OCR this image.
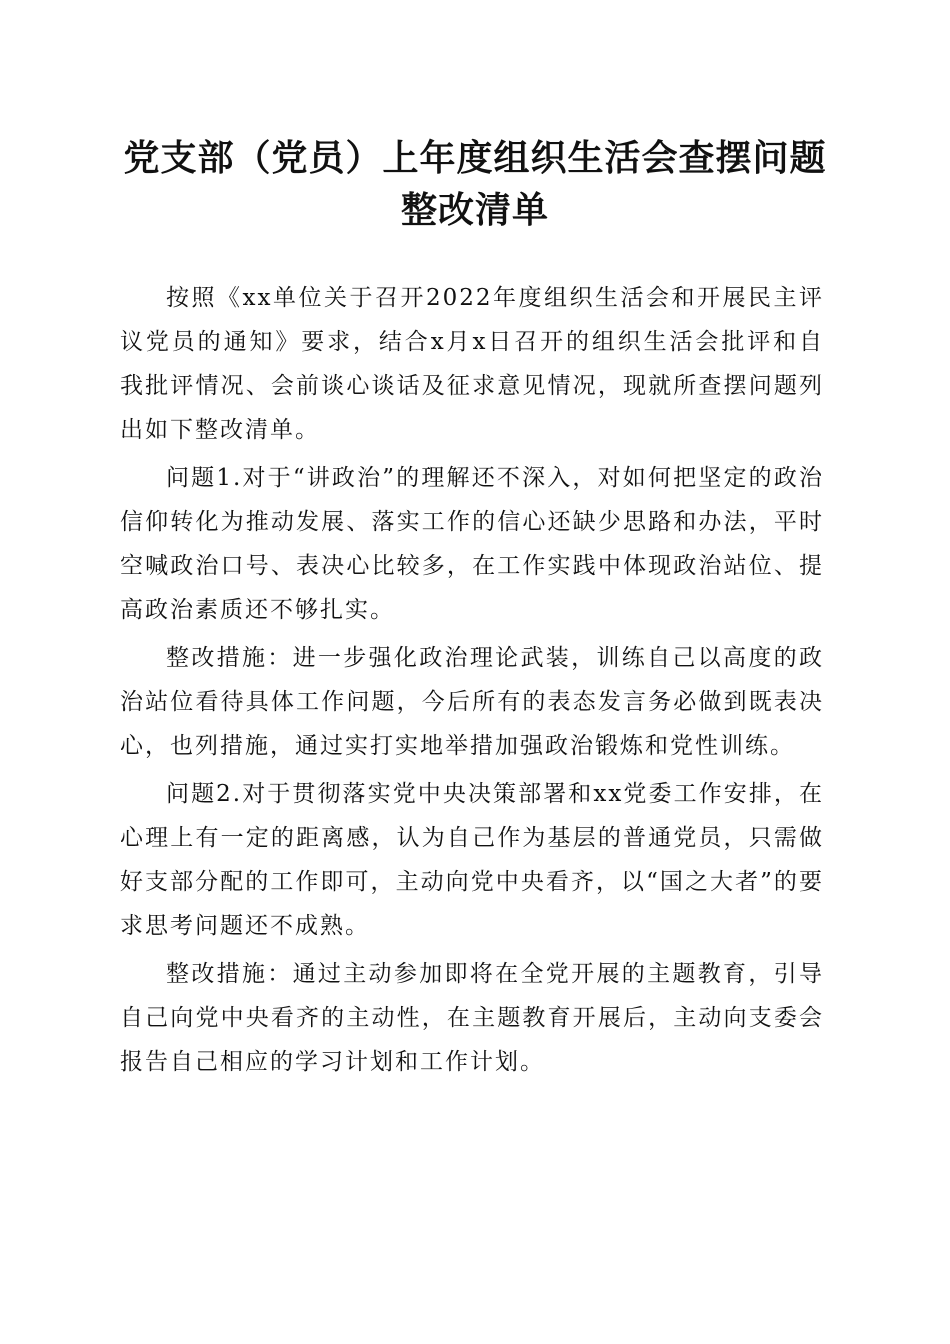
党支部（党员）上年度组织生活会查摆问题整改清单

按照《xx单位关于召开2022年度组织生活会和开展民主评议党员的通知》要求，结合x月x日召开的组织生活会批评和自我批评情况、会前谈心谈话及征求意见情况，现就所查摆问题列出如下整改清单。

问题1.对于“讲政治”的理解还不深入，对如何把坚定的政治信仰转化为推动发展、落实工作的信心还缺少思路和办法，平时空喊政治口号、表决心比较多，在工作实践中体现政治站位、提高政治素质还不够扎实。

整改措施：进一步强化政治理论武装，训练自己以高度的政治站位看待具体工作问题，今后所有的表态发言务必做到既表决心，也列措施，通过实打实地举措加强政治锻炼和党性训练。

问题2.对于贯彻落实党中央决策部署和xx党委工作安排，在心理上有一定的距离感，认为自己作为基层的普通党员，只需做好支部分配的工作即可，主动向党中央看齐，以“国之大者”的要求思考问题还不成熟。

整改措施：通过主动参加即将在全党开展的主题教育，引导自己向党中央看齐的主动性，在主题教育开展后，主动向支委会报告自己相应的学习计划和工作计划。
